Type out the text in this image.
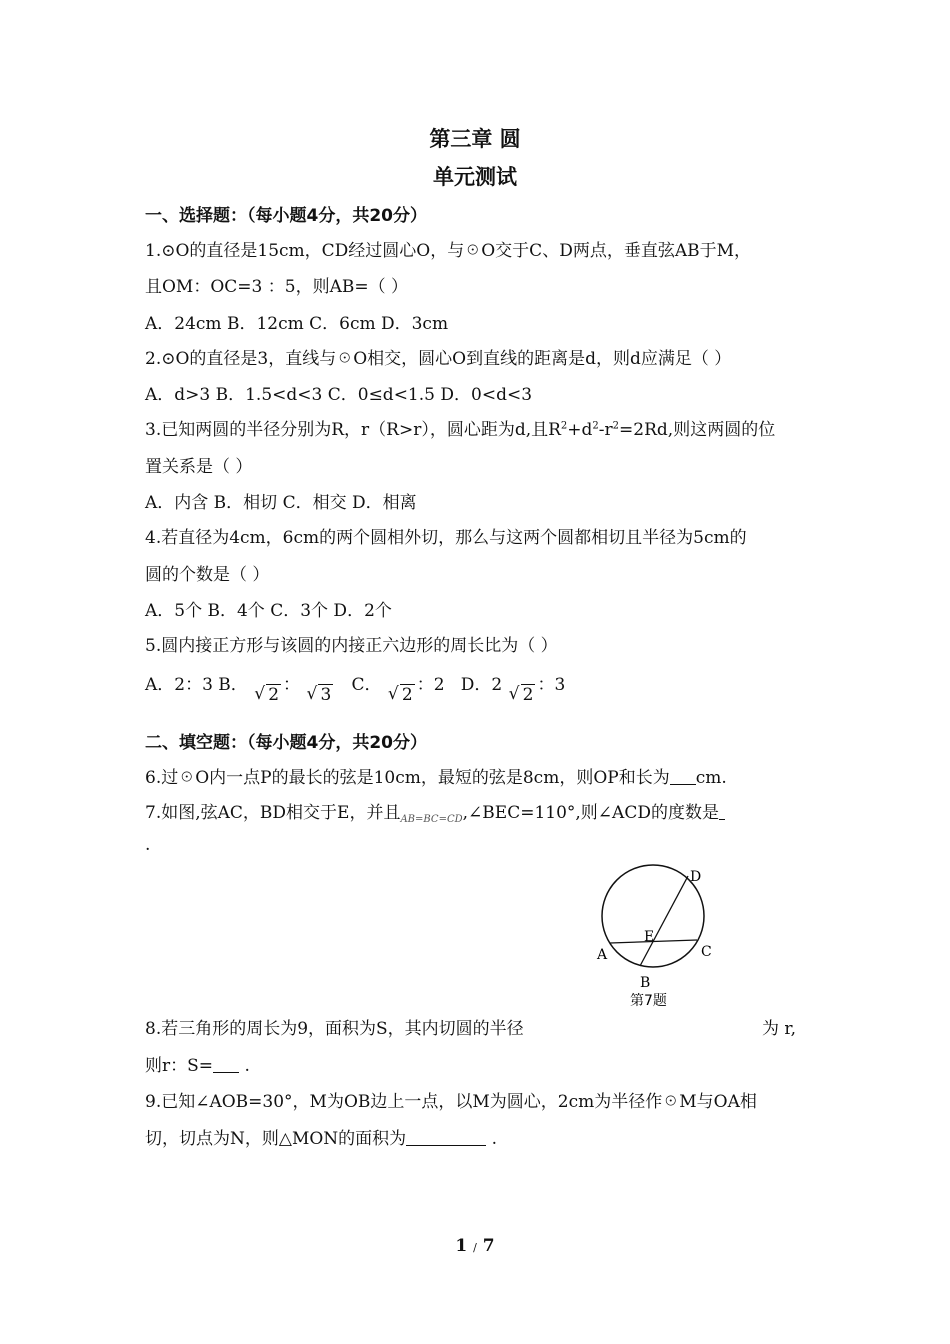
第三章 圆
单元测试
一、选择题：（每小题4分，共20分）
1.⊙O的直径是15cm，CD经过圆心O，与☉O交于C、D两点，垂直弦AB于M，
且OM：OC=3 ：5，则AB=（ ）
A．24cm B．12cm C．6cm D．3cm
2.⊙O的直径是3，直线与☉O相交，圆心O到直线的距离是d，则d应满足（ ）
A．d>3 B．1.5<d<3 C．0≤d<1.5 D．0<d<3
3.已知两圆的半径分别为R，r（R>r），圆心距为d,且$R^2+d^2-r^2=2Rd$,则这两圆的位
置关系是（ ）
A．内含 B．相切 C．相交 D．相离
4.若直径为4cm，6cm的两个圆相外切，那么与这两个圆都相切且半径为5cm的
圆的个数是（ ）
A．5个 B．4个 C．3个 D．2个
5.圆内接正方形与该圆的内接正六边形的周长比为（ ）
A．2：3 B． √ 2 ： √ 3 C． √ 2 ：2 D．2 √ 2 ：3
二、填空题：（每小题4分，共20分）
6.过☉O内一点P的最长的弦是10cm，最短的弦是8cm，则OP和长为 cm.
7.如图,弦AC，BD相交于E，并且$_{AB=BC=CD}$,∠BEC=110°,则∠ACD的度数是
.
D
E
A	C
B
第7题
8.若三角形的周长为9，面积为S，其内切圆的半径	为 r,
则r：S= .
9.已知∠AOB=30°，M为OB边上一点，以M为圆心，2cm为半径作☉M与OA相
切，切点为N，则△MON的面积为	.
1 / 7
